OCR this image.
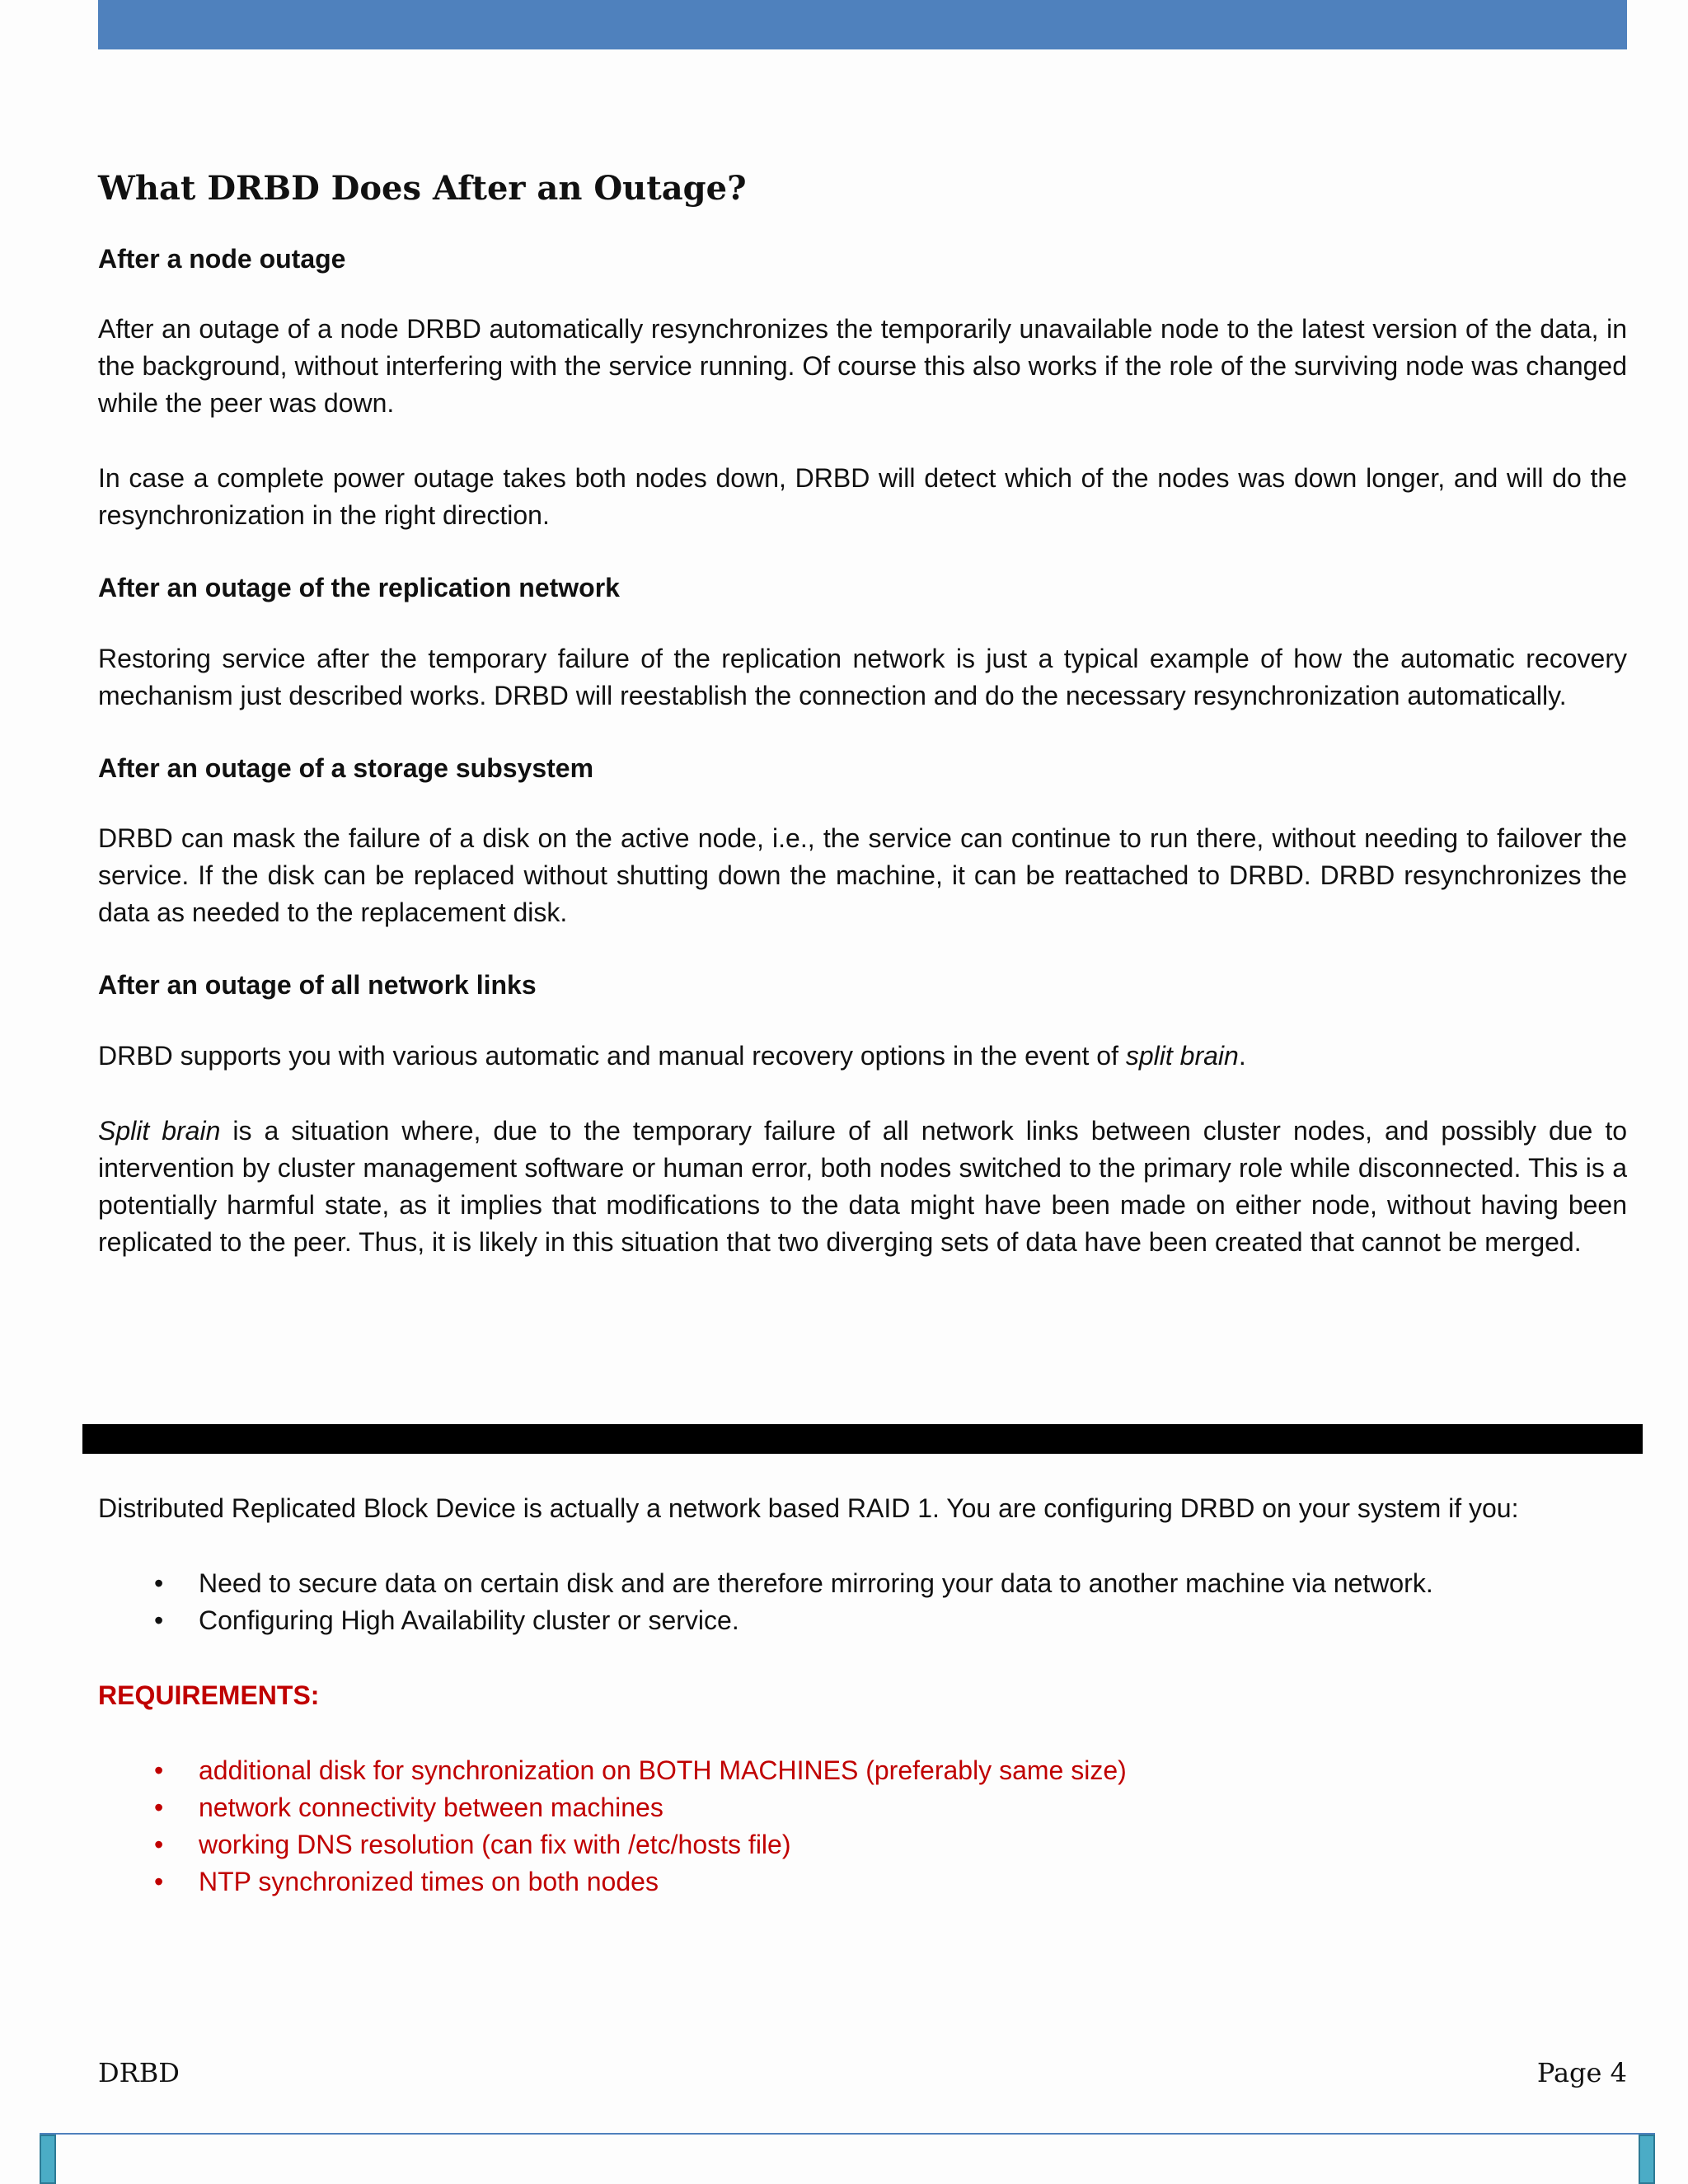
What DRBD Does After an Outage?
After a node outage

After an outage of a node DRBD automatically resynchronizes the temporarily unavailable node to the latest version of the data, in the background, without interfering with the service running. Of course this also works if the role of the surviving node was changed while the peer was down.

In case a complete power outage takes both nodes down, DRBD will detect which of the nodes was down longer, and will do the resynchronization in the right direction.

After an outage of the replication network

Restoring service after the temporary failure of the replication network is just a typical example of how the automatic recovery mechanism just described works. DRBD will reestablish the connection and do the necessary resynchronization automatically.

After an outage of a storage subsystem

DRBD can mask the failure of a disk on the active node, i.e., the service can continue to run there, without needing to failover the service. If the disk can be replaced without shutting down the machine, it can be reattached to DRBD. DRBD resynchronizes the data as needed to the replacement disk.

After an outage of all network links

DRBD supports you with various automatic and manual recovery options in the event of split brain.

Split brain is a situation where, due to the temporary failure of all network links between cluster nodes, and possibly due to intervention by cluster management software or human error, both nodes switched to the primary role while disconnected. This is a potentially harmful state, as it implies that modifications to the data might have been made on either node, without having been replicated to the peer. Thus, it is likely in this situation that two diverging sets of data have been created that cannot be merged.

Distributed Replicated Block Device is actually a network based RAID 1. You are configuring DRBD on your system if you:

• Need to secure data on certain disk and are therefore mirroring your data to another machine via network.
• Configuring High Availability cluster or service.
REQUIREMENTS:
• additional disk for synchronization on BOTH MACHINES (preferably same size)
• network connectivity between machines
• working DNS resolution (can fix with /etc/hosts file)
• NTP synchronized times on both nodes
DRBD	Page 4
